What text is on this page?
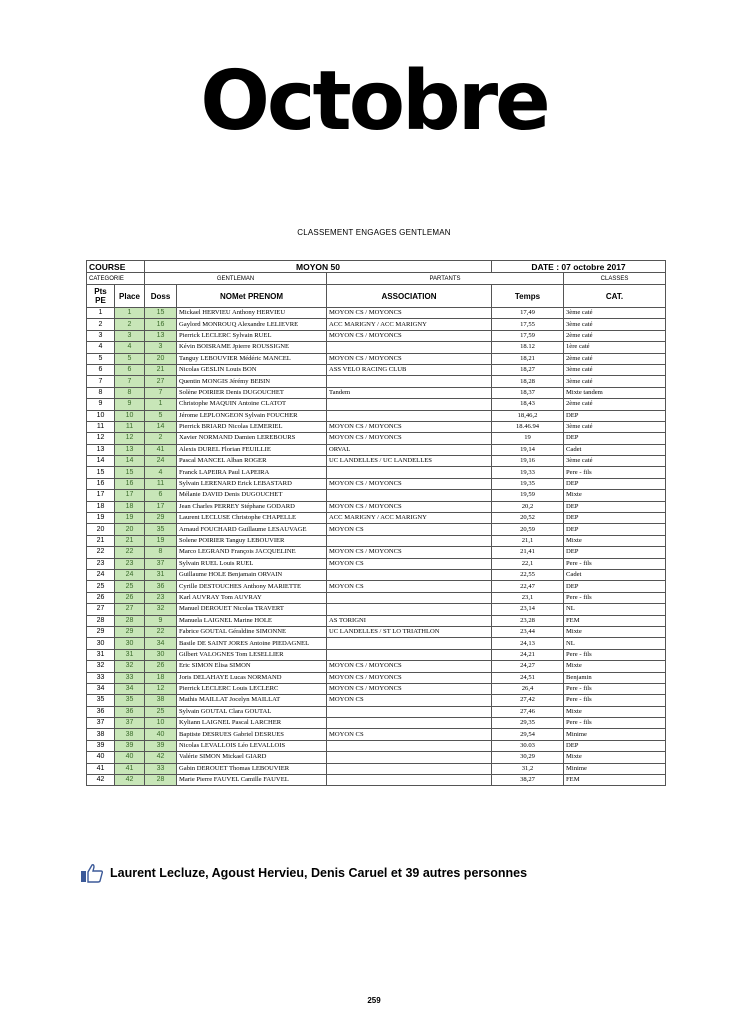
Octobre
CLASSEMENT ENGAGES GENTLEMAN
COURSE		MOYON 50			DATE : 07 octobre 2017	
CATEGORIE		GENTLEMAN		PARTANTS		CLASSES
Pts PE	Place	Doss	NOMet PRENOM	ASSOCIATION	Temps	CAT.
1	1	15	Mickael HERVIEU Anthony HERVIEU	MOYON CS / MOYONCS	17,49	3ème caté
2	2	16	Gaylord MONROUQ Alexandre LELIEVRE	ACC MARIGNY / ACC MARIGNY	17,55	3ème caté
3	3	13	Pierrick LECLERC Sylvain RUEL	MOYON CS / MOYONCS	17,59	2ème caté
4	4	3	Kévin BOISRAME Jpierre ROUSSIGNE		18.12	1ère caté
5	5	20	Tanguy LEBOUVIER Médéric MANCEL	MOYON CS / MOYONCS	18,21	2ème caté
6	6	21	Nicolas GESLIN Louis BON	ASS VELO RACING CLUB	18,27	3ème caté
7	7	27	Quentin MONGIS Jérémy BEBIN		18,28	3ème caté
8	8	7	Solène POIRIER Denis DUGOUCHET	Tandem	18,37	Mixte tandem
9	9	1	Christophe MAQUIN Antoine CLATOT		18,43	2ème caté
10	10	5	Jérome LEPLONGEON Sylvain FOUCHER		18,46,2	DEP
11	11	14	Pierrick BRIARD Nicolas LEMERIEL	MOYON CS / MOYONCS	18.46.94	3ème caté
12	12	2	Xavier NORMAND Damien LEREBOURS	MOYON CS / MOYONCS	19	DEP
13	13	41	Alexis DUREL Florian FEUILLIE	ORVAL	19,14	Cadet
14	14	24	Pascal MANCEL Alban ROGER	UC LANDELLES / UC LANDELLES	19,16	3ème caté
15	15	4	Franck LAPEIRA Paul LAPEIRA		19,33	Pere - fils
16	16	11	Sylvain LERENARD Erick LEBASTARD	MOYON CS / MOYONCS	19,35	DEP
17	17	6	Mélanie DAVID Denis DUGOUCHET		19,59	Mixte
18	18	17	Jean Charles PERREY Stéphane GODARD	MOYON CS / MOYONCS	20,2	DEP
19	19	29	Laurent LECLUSE Christophe CHAPELLE	ACC MARIGNY / ACC MARIGNY	20,52	DEP
20	20	35	Arnaud FOUCHARD Guillaume LESAUVAGE	MOYON CS	20,59	DEP
21	21	19	Solene POIRIER Tanguy LEBOUVIER		21,1	Mixte
22	22	8	Marco LEGRAND François JACQUELINE	MOYON CS / MOYONCS	21,41	DEP
23	23	37	Sylvain RUEL Louis RUEL	MOYON CS	22,1	Pere - fils
24	24	31	Guillaume HOLE Benjamain ORVAIN		22,55	Cadet
25	25	36	Cyrille DESTOUCHES Anthony MARIETTE	MOYON CS	22,47	DEP
26	26	23	Karl AUVRAY Tom AUVRAY		23,1	Pere - fils
27	27	32	Manuel DEROUET Nicolas TRAVERT		23,14	NL
28	28	9	Manuela LAIGNEL Marine HOLE	AS TORIGNI	23,28	FEM
29	29	22	Fabrice GOUTAL Géraldine SIMONNE	UC LANDELLES / ST LO TRIATHLON	23,44	Mixte
30	30	34	Basile DE SAINT JORES Antoine PIEDAGNEL		24,13	NL
31	31	30	Gilbert VALOGNES Tom LESELLIER		24,21	Pere - fils
32	32	26	Eric SIMON Elisa SIMON	MOYON CS / MOYONCS	24,27	Mixte
33	33	18	Joris DELAHAYE Lucas NORMAND	MOYON CS / MOYONCS	24,51	Benjamin
34	34	12	Pierrick LECLERC Louis LECLERC	MOYON CS / MOYONCS	26,4	Pere - fils
35	35	38	Mathis MAILLAT Jocelyn MAILLAT	MOYON CS	27,42	Pere - fils
36	36	25	Sylvain GOUTAL Clara GOUTAL		27,46	Mixte
37	37	10	Kyliann LAIGNEL Pascal LARCHER		29,35	Pere - fils
38	38	40	Baptiste DESRUES Gabriel DESRUES	MOYON CS	29,54	Minime
39	39	39	Nicolas LEVALLOIS Léo LEVALLOIS		30.03	DEP
40	40	42	Valérie SIMON Mickael GIARD		30,29	Mixte
41	41	33	Gabin DEROUET Thomas LEBOUVIER		31,2	Minime
42	42	28	Marie Pierre FAUVEL Camille FAUVEL		38,27	FEM
Laurent Lecluze, Agoust Hervieu, Denis Caruel et 39 autres personnes
259
